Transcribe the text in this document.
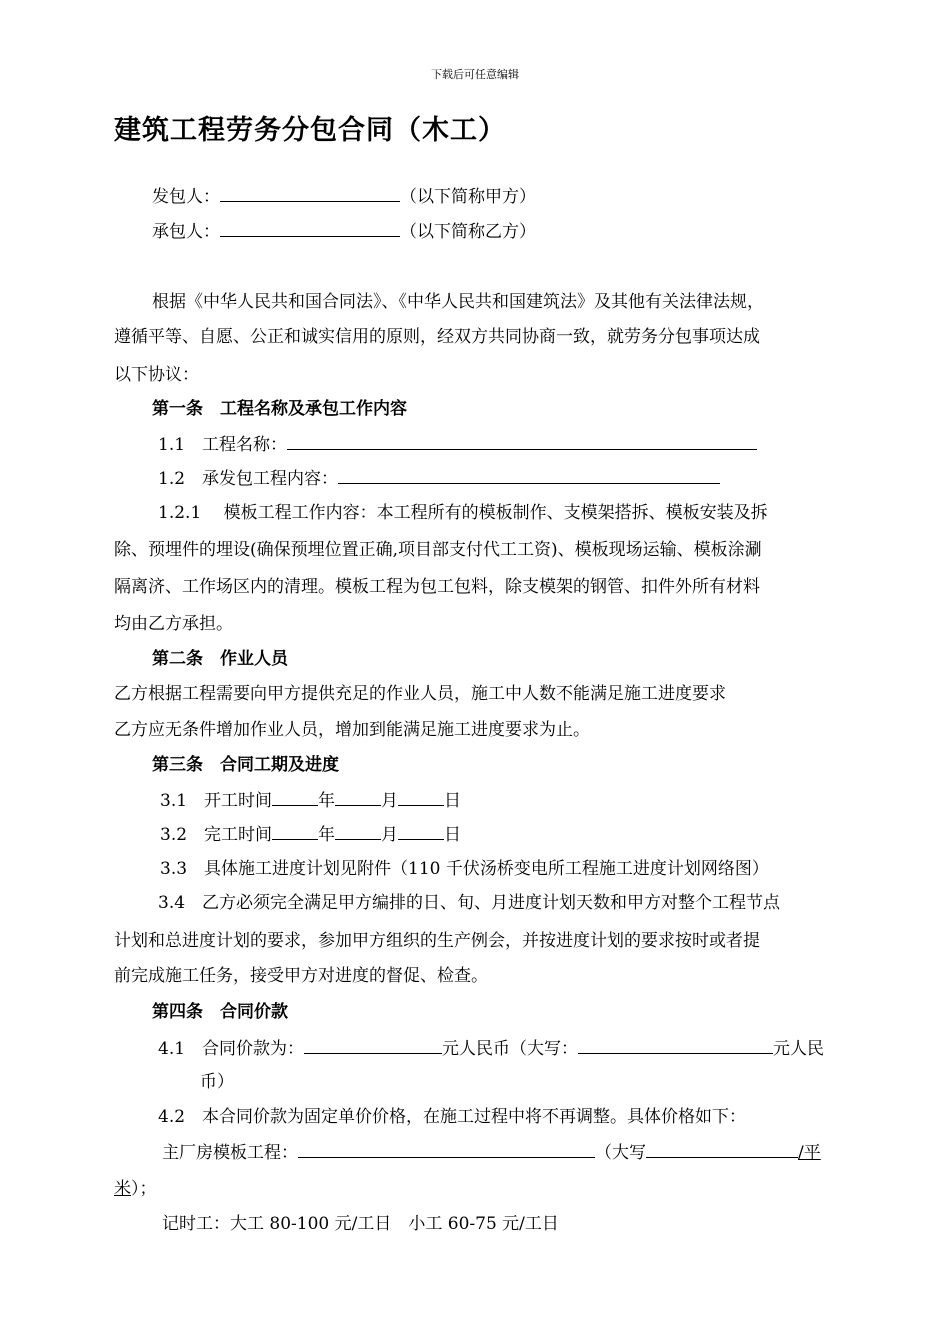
下载后可任意编辑
建筑工程劳务分包合同（木工）
发包人：	（以下简称甲方）
承包人：	（以下简称乙方）
根据《中华人民共和国合同法》、《中华人民共和国建筑法》及其他有关法律法规，
遵循平等、自愿、公正和诚实信用的原则，经双方共同协商一致，就劳务分包事项达成
以下协议：
第一条　工程名称及承包工作内容
1.1　工程名称：
1.2　承发包工程内容：
1.2.1　 模板工程工作内容：本工程所有的模板制作、支模架搭拆、模板安装及拆
除、预埋件的埋设(确保预埋位置正确,项目部支付代工工资)、模板现场运输、模板涂涮
隔离济、工作场区内的清理。模板工程为包工包料，除支模架的钢管、扣件外所有材料
均由乙方承担。
第二条　作业人员
乙方根据工程需要向甲方提供充足的作业人员，施工中人数不能满足施工进度要求
乙方应无条件增加作业人员，增加到能满足施工进度要求为止。
第三条　合同工期及进度
3.1　开工时间	年	月	日
3.2　完工时间	年	月	日
3.3　具体施工进度计划见附件（110 千伏汤桥变电所工程施工进度计划网络图）
3.4　乙方必须完全满足甲方编排的日、旬、月进度计划天数和甲方对整个工程节点
计划和总进度计划的要求，参加甲方组织的生产例会，并按进度计划的要求按时或者提
前完成施工任务，接受甲方对进度的督促、检查。
第四条　合同价款
4.1　合同价款为：	元人民币（大写：	元人民
币）
4.2　本合同价款为固定单价价格，在施工过程中将不再调整。具体价格如下：
主厂房模板工程：	（大写	/平
米）；
记时工：大工 80-100 元/工日　小工 60-75 元/工日
